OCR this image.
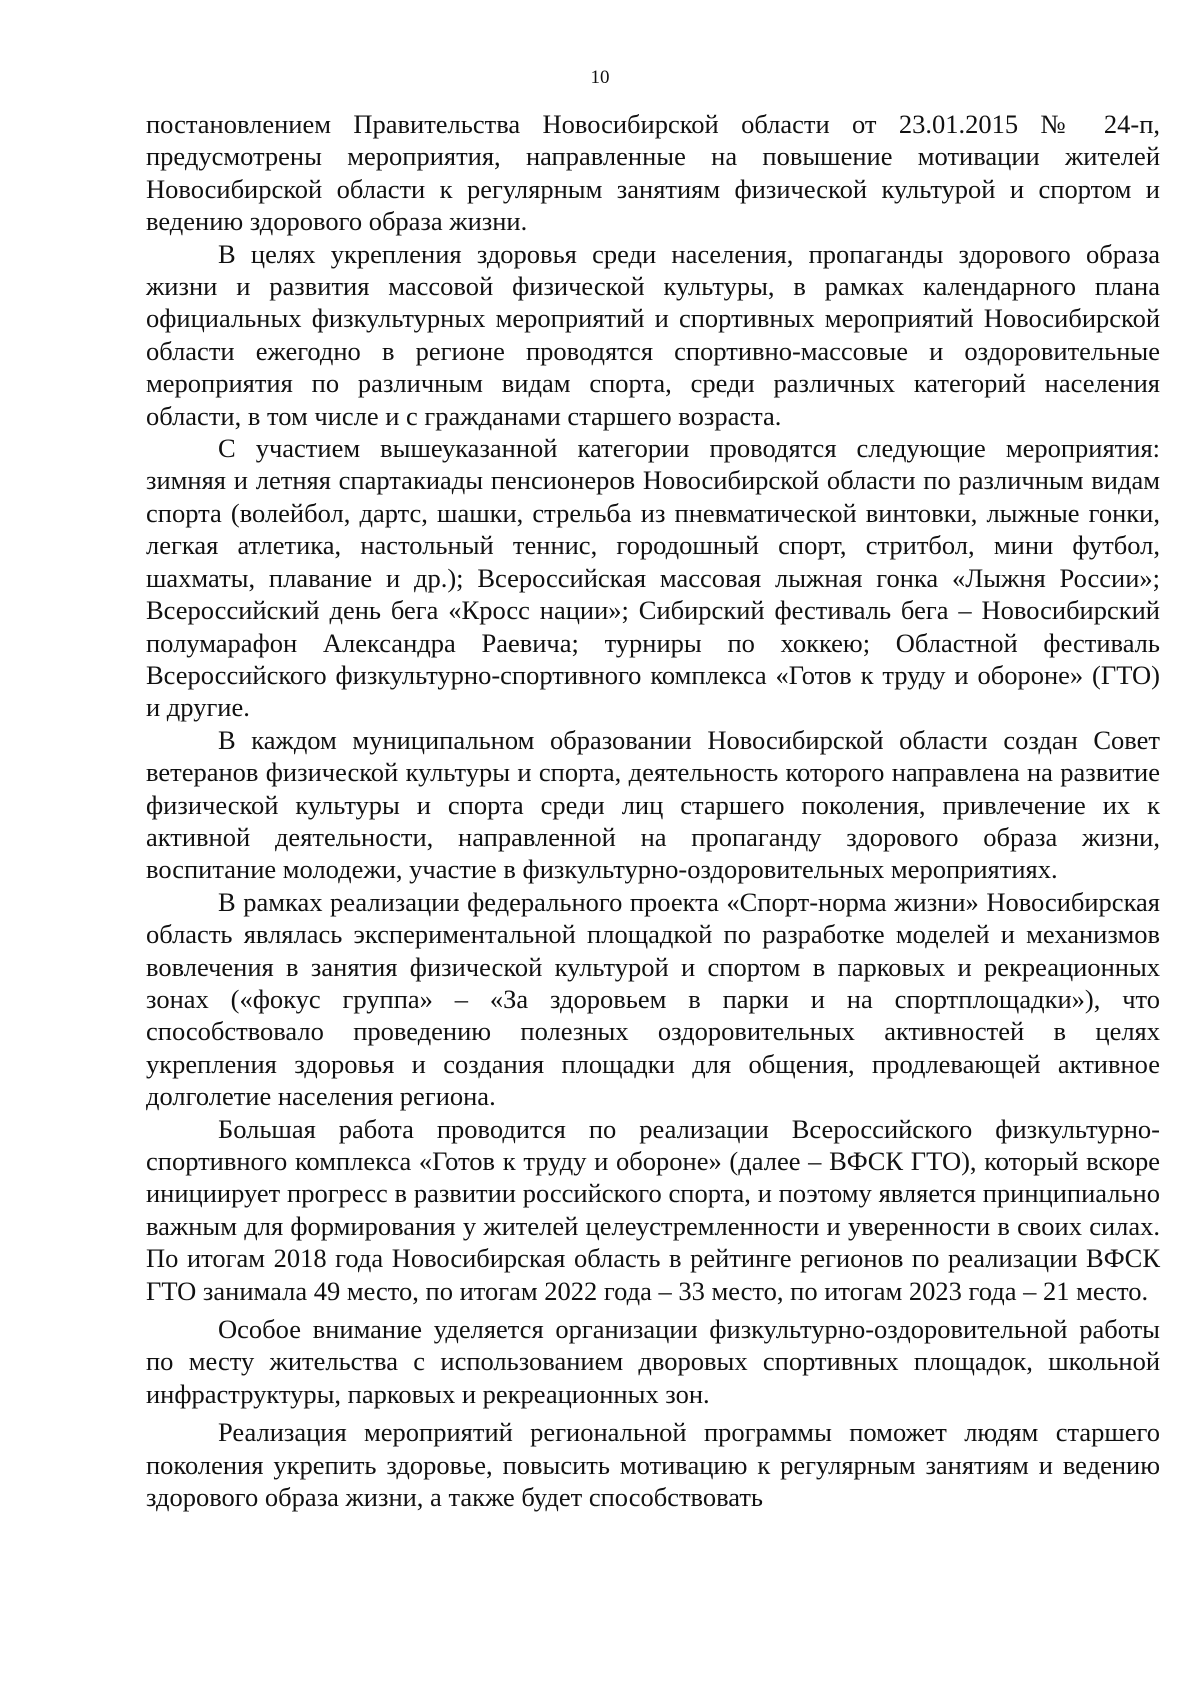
10

постановлением Правительства Новосибирской области от 23.01.2015 № 24-п, предусмотрены мероприятия, направленные на повышение мотивации жителей Новосибирской области к регулярным занятиям физической культурой и спортом и ведению здорового образа жизни.

В целях укрепления здоровья среди населения, пропаганды здорового образа жизни и развития массовой физической культуры, в рамках календарного плана официальных физкультурных мероприятий и спортивных мероприятий Новосибирской области ежегодно в регионе проводятся спортивно-массовые и оздоровительные мероприятия по различным видам спорта, среди различных категорий населения области, в том числе и с гражданами старшего возраста.

С участием вышеуказанной категории проводятся следующие мероприятия: зимняя и летняя спартакиады пенсионеров Новосибирской области по различным видам спорта (волейбол, дартс, шашки, стрельба из пневматической винтовки, лыжные гонки, легкая атлетика, настольный теннис, городошный спорт, стритбол, мини футбол, шахматы, плавание и др.); Всероссийская массовая лыжная гонка «Лыжня России»; Всероссийский день бега «Кросс нации»; Сибирский фестиваль бега – Новосибирский полумарафон Александра Раевича; турниры по хоккею; Областной фестиваль Всероссийского физкультурно-спортивного комплекса «Готов к труду и обороне» (ГТО) и другие.

В каждом муниципальном образовании Новосибирской области создан Совет ветеранов физической культуры и спорта, деятельность которого направлена на развитие физической культуры и спорта среди лиц старшего поколения, привлечение их к активной деятельности, направленной на пропаганду здорового образа жизни, воспитание молодежи, участие в физкультурно-оздоровительных мероприятиях.

В рамках реализации федерального проекта «Спорт-норма жизни» Новосибирская область являлась экспериментальной площадкой по разработке моделей и механизмов вовлечения в занятия физической культурой и спортом в парковых и рекреационных зонах («фокус группа» – «За здоровьем в парки и на спортплощадки»), что способствовало проведению полезных оздоровительных активностей в целях укрепления здоровья и создания площадки для общения, продлевающей активное долголетие населения региона.

Большая работа проводится по реализации Всероссийского физкультурно-спортивного комплекса «Готов к труду и обороне» (далее – ВФСК ГТО), который вскоре инициирует прогресс в развитии российского спорта, и поэтому является принципиально важным для формирования у жителей целеустремленности и уверенности в своих силах. По итогам 2018 года Новосибирская область в рейтинге регионов по реализации ВФСК ГТО занимала 49 место, по итогам 2022 года – 33 место, по итогам 2023 года – 21 место.

Особое внимание уделяется организации физкультурно-оздоровительной работы по месту жительства с использованием дворовых спортивных площадок, школьной инфраструктуры, парковых и рекреационных зон.

Реализация мероприятий региональной программы поможет людям старшего поколения укрепить здоровье, повысить мотивацию к регулярным занятиям и ведению здорового образа жизни, а также будет способствовать
